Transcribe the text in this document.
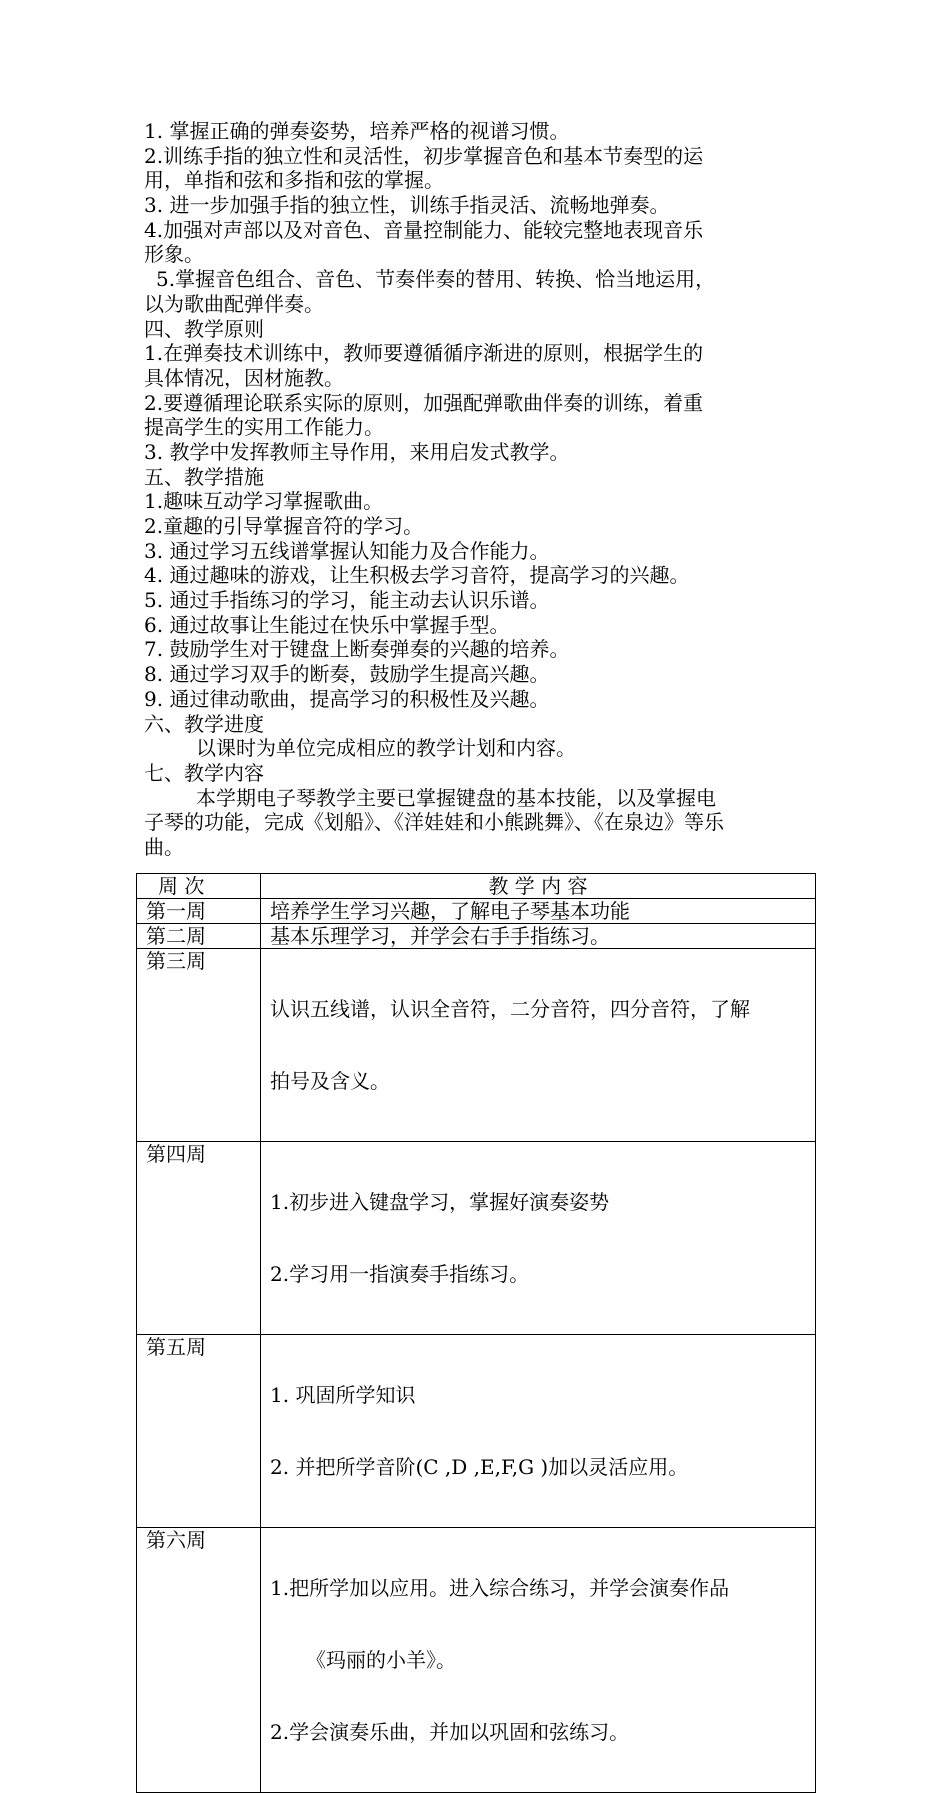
1. 掌握正确的弹奏姿势，培养严格的视谱习惯。
2.训练手指的独立性和灵活性，初步掌握音色和基本节奏型的运
用，单指和弦和多指和弦的掌握。
3. 进一步加强手指的独立性，训练手指灵活、流畅地弹奏。
4.加强对声部以及对音色、音量控制能力、能较完整地表现音乐
形象。
5.掌握音色组合、音色、节奏伴奏的替用、转换、恰当地运用，
以为歌曲配弹伴奏。
四、教学原则
1.在弹奏技术训练中，教师要遵循循序渐进的原则，根据学生的
具体情况，因材施教。
2.要遵循理论联系实际的原则，加强配弹歌曲伴奏的训练，着重
提高学生的实用工作能力。
3. 教学中发挥教师主导作用，来用启发式教学。
五、教学措施
1.趣味互动学习掌握歌曲。
2.童趣的引导掌握音符的学习。
3. 通过学习五线谱掌握认知能力及合作能力。
4. 通过趣味的游戏，让生积极去学习音符，提高学习的兴趣。
5. 通过手指练习的学习，能主动去认识乐谱。
6. 通过故事让生能过在快乐中掌握手型。
7. 鼓励学生对于键盘上断奏弹奏的兴趣的培养。
8. 通过学习双手的断奏，鼓励学生提高兴趣。
9. 通过律动歌曲，提高学习的积极性及兴趣。
六、教学进度
以课时为单位完成相应的教学计划和内容。
七、教学内容
本学期电子琴教学主要已掌握键盘的基本技能，以及掌握电
子琴的功能，完成《划船》、《洋娃娃和小熊跳舞》、《在泉边》等乐
曲。
周 次	教 学 内 容
第一周	培养学生学习兴趣，了解电子琴基本功能

第二周	基本乐理学习，并学会右手手指练习。

第三周	认识五线谱，认识全音符，二分音符，四分音符，了解

拍号及含义。

第四周	1.初步进入键盘学习，掌握好演奏姿势

2.学习用一指演奏手指练习。

第五周	1. 巩固所学知识

2. 并把所学音阶(C ,D ,E,F,G )加以灵活应用。

第六周	1.把所学加以应用。进入综合练习，并学会演奏作品

《玛丽的小羊》。

2.学会演奏乐曲，并加以巩固和弦练习。
